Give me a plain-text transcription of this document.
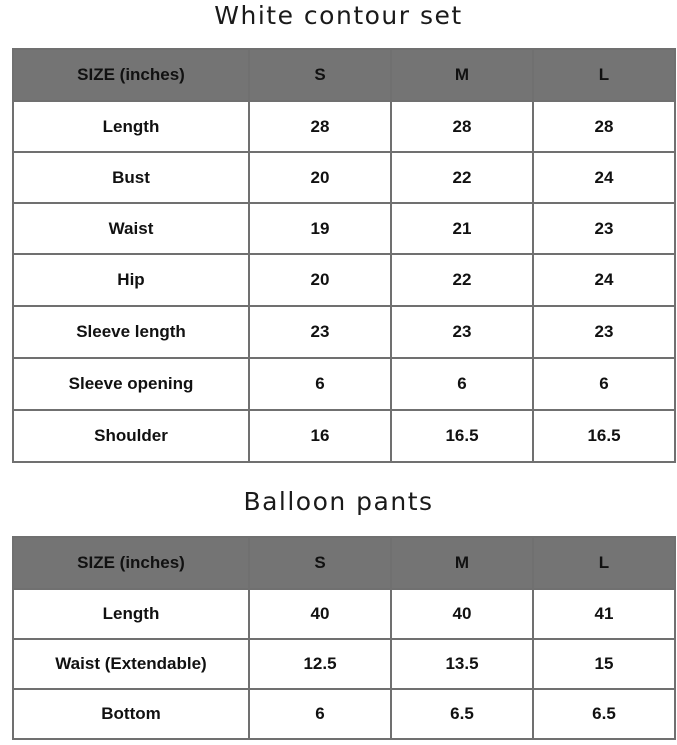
White contour set
SIZE (inches)	S	M	L
Length	28	28	28
Bust	20	22	24
Waist	19	21	23
Hip	20	22	24
Sleeve length	23	23	23
Sleeve opening	6	6	6
Shoulder	16	16.5	16.5
Balloon pants
SIZE (inches)	S	M	L
Length	40	40	41
Waist (Extendable)	12.5	13.5	15
Bottom	6	6.5	6.5
